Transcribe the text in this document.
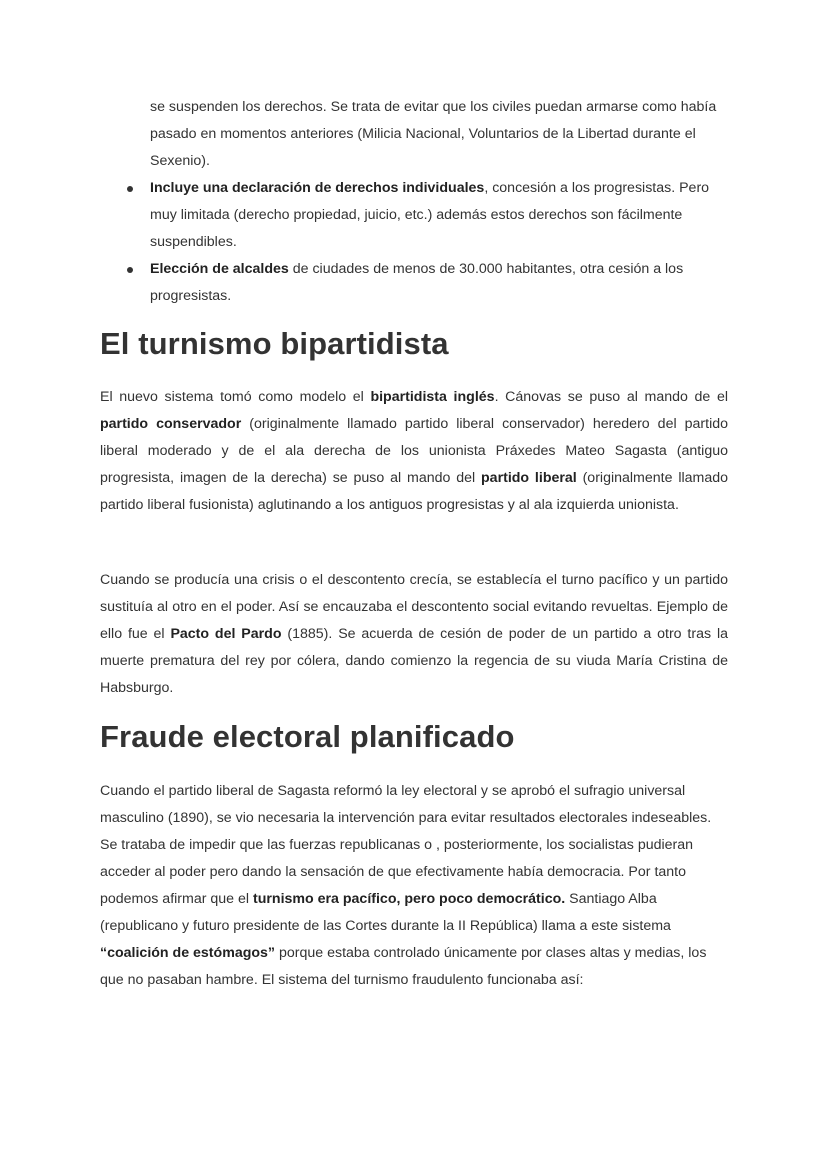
se suspenden los derechos. Se trata de evitar que los civiles puedan armarse como había pasado en momentos anteriores (Milicia Nacional, Voluntarios de la Libertad durante el Sexenio).

Incluye una declaración de derechos individuales, concesión a los progresistas. Pero muy limitada (derecho propiedad, juicio, etc.) además estos derechos son fácilmente suspendibles.
Elección de alcaldes de ciudades de menos de 30.000 habitantes, otra cesión a los progresistas.
El turnismo bipartidista

El nuevo sistema tomó como modelo el bipartidista inglés. Cánovas se puso al mando de el partido conservador (originalmente llamado partido liberal conservador) heredero del partido liberal moderado y de el ala derecha de los unionista Práxedes Mateo Sagasta (antiguo progresista, imagen de la derecha) se puso al mando del partido liberal (originalmente llamado partido liberal fusionista) aglutinando a los antiguos progresistas y al ala izquierda unionista.

Cuando se producía una crisis o el descontento crecía, se establecía el turno pacífico y un partido sustituía al otro en el poder. Así se encauzaba el descontento social evitando revueltas. Ejemplo de ello fue el Pacto del Pardo (1885). Se acuerda de cesión de poder de un partido a otro tras la muerte prematura del rey por cólera, dando comienzo la regencia de su viuda María Cristina de Habsburgo.

Fraude electoral planificado

Cuando el partido liberal de Sagasta reformó la ley electoral y se aprobó el sufragio universal masculino (1890), se vio necesaria la intervención para evitar resultados electorales indeseables. Se trataba de impedir que las fuerzas republicanas o , posteriormente, los socialistas pudieran acceder al poder pero dando la sensación de que efectivamente había democracia. Por tanto podemos afirmar que el turnismo era pacífico, pero poco democrático. Santiago Alba (republicano y futuro presidente de las Cortes durante la II República) llama a este sistema “coalición de estómagos” porque estaba controlado únicamente por clases altas y medias, los que no pasaban hambre. El sistema del turnismo fraudulento funcionaba así:
